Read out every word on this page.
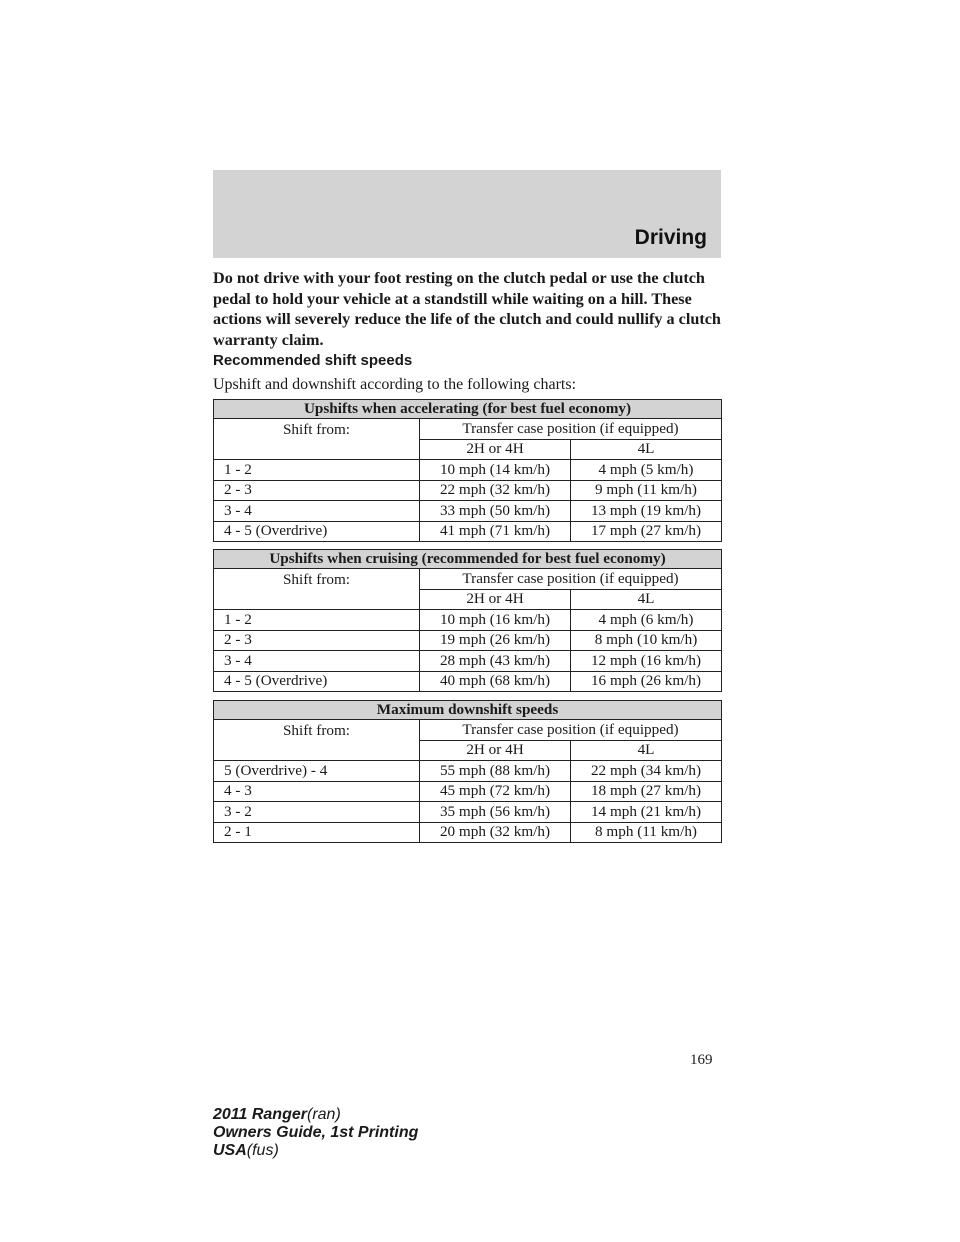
Driving

Do not drive with your foot resting on the clutch pedal or use the clutch pedal to hold your vehicle at a standstill while waiting on a hill. These actions will severely reduce the life of the clutch and could nullify a clutch warranty claim.

Recommended shift speeds

Upshift and downshift according to the following charts:

Upshifts when accelerating (for best fuel economy)		
Shift from:	Transfer case position (if equipped)	
	2H or 4H	4L
1 - 2	10 mph (14 km/h)	4 mph (5 km/h)
2 - 3	22 mph (32 km/h)	9 mph (11 km/h)
3 - 4	33 mph (50 km/h)	13 mph (19 km/h)
4 - 5 (Overdrive)	41 mph (71 km/h)	17 mph (27 km/h)
Upshifts when cruising (recommended for best fuel economy)		
Shift from:	Transfer case position (if equipped)	
	2H or 4H	4L
1 - 2	10 mph (16 km/h)	4 mph (6 km/h)
2 - 3	19 mph (26 km/h)	8 mph (10 km/h)
3 - 4	28 mph (43 km/h)	12 mph (16 km/h)
4 - 5 (Overdrive)	40 mph (68 km/h)	16 mph (26 km/h)
Maximum downshift speeds		
Shift from:	Transfer case position (if equipped)	
	2H or 4H	4L
5 (Overdrive) - 4	55 mph (88 km/h)	22 mph (34 km/h)
4 - 3	45 mph (72 km/h)	18 mph (27 km/h)
3 - 2	35 mph (56 km/h)	14 mph (21 km/h)
2 - 1	20 mph (32 km/h)	8 mph (11 km/h)

169

2011 Ranger(ran)
Owners Guide, 1st Printing
USA(fus)
